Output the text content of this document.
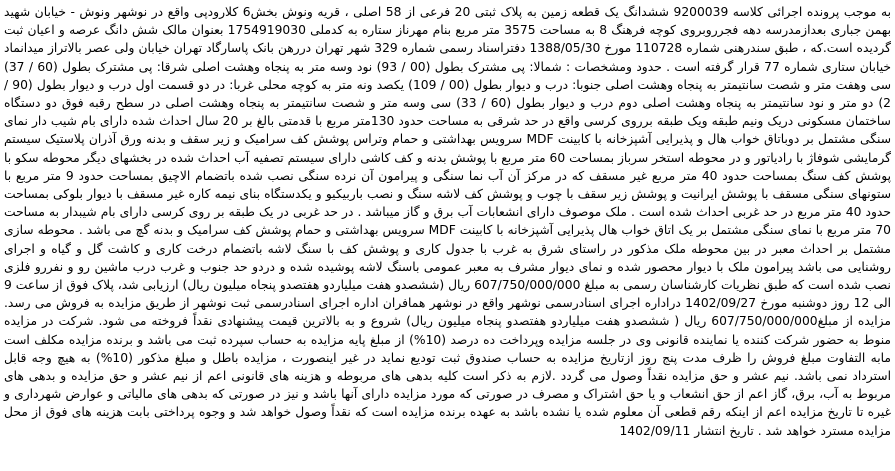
به موجب پرونده اجرائی کلاسه 9200039 ششدانگ یک قطعه زمین به پلاک ثبتی 20 فرعی از 58 اصلی ، قریه ونوش بخش6 کلارودپی واقع در نوشهر ونوش - خیابان شهید بهمن جباری بعدازمدرسه دهه فجرروبروی کوچه فرهنگ 8 به مساحت 3575 متر مربع بنام مهرناز ستاره به کدملی 1754919030 بعنوان مالک شش دانگ عرصه و اعیان ثبت گردیده است.که ، طبق سندرهنی شماره 110728 مورخ 1388/05/30 دفتراسناد رسمی شماره 329 شهر تهران دررهن بانک پاسارگاد تهران خیابان ولی عصر بالاتراز میدانماد خیابان ستاری شماره 77 قرار گرفته است . حدود ومشخصات : شمالا: پی مشترک بطول (00 / 93) نود وسه متر به پنجاه وهشت اصلی شرقا: پی مشترک بطول (60 / 37) سی وهفت متر و شصت سانتیمتر به پنجاه وهشت اصلی جنوبا: درب و دیوار بطول (00 / 109) یکصد ونه متر به کوچه محلی غربا: در دو قسمت اول درب و دیوار بطول (90 / 2) دو متر و نود سانتیمتر به پنجاه وهشت اصلی دوم درب و دیوار بطول (60 / 33) سی وسه متر و شصت سانتیمتر به پنجاه وهشت اصلی در سطح رقبه فوق دو دستگاه ساختمان مسکونی دریک ونیم طبقه ویک طبقه برروی کرسی واقع در حد شرقی به مساحت حدود 130متر مربع با قدمتی بالغ بر 20 سال احداث شده دارای بام شیب دار نمای سنگی مشتمل بر دوباتاق خواب هال و پذیرایی آشپزخانه با کابینت MDF سرویس بهداشتی و حمام وتراس پوشش کف سرامیک و زیر سقف و بدنه ورق آذران پلاستیک سیستم گرمایشی شوفاژ با رادیاتور و در محوطه استخر سرباز بمساحت 60 متر مربع با پوشش بدنه و کف کاشی دارای سیستم تصفیه آب احداث شده در بخشهای دیگر محوطه سکو با پوشش کف سنگ بمساحت حدود 40 متر مربع غیر مسقف که در مرکز آن آب نما سنگی و پیرامون آن نرده سنگی نصب شده باتضمام الاچیق بمساحت حدود 9 متر مربع با ستونهای سنگی مسقف با پوشش ایرانیت و پوشش زیر سقف با چوب و پوشش کف لاشه سنگ و نصب باربیکیو و یکدستگاه بنای نیمه کاره غیر مسقف با دیوار بلوکی بمساحت حدود 40 متر مربع در حد غربی احداث شده است . ملک موصوف دارای انشعابات آب برق و گاز میباشد . در حد غربی در یک طبقه بر روی کرسی دارای بام شیبدار به مساحت 70 متر مربع با نمای سنگی مشتمل بر یک اتاق خواب هال پذیرایی آشپزخانه با کابینت MDF سرویس بهداشتی و حمام پوشش کف سرامیک و بدنه گچ می باشد . محوطه سازی مشتمل بر احداث معبر در بین محوطه ملک مذکور در راستای شرق به غرب با جدول کاری و پوشش کف با سنگ لاشه باتضمام درخت کاری و کاشت گل و گیاه و اجرای روشنایی می باشد پیرامون ملک با دیوار محصور شده و نمای دیوار مشرف به معبر عمومی باسنگ لاشه پوشیده شده و دردو حد جنوب و غرب درب ماشین رو و نفررو فلزی نصب شده است که طبق نظریات کارشناسان رسمی به مبلغ 607/750/000/000 ریال (ششصدو هفت میلیاردو هفتصدو پنجاه میلیون ریال) ارزیابی شد، پلاک فوق از ساعت 9 الی 12 روز دوشنبه مورخ 1402/09/27 دراداره اجرای اسنادرسمی نوشهر واقع در نوشهر همافران اداره اجرای اسنادرسمی ثبت نوشهر از طریق مزایده به فروش می رسد. مزایده از مبلغ607/750/000/000 ریال ( ششصدو هفت میلیاردو هفتصدو پنجاه میلیون ریال) شروع و به بالاترین قیمت پیشنهادی نقداً فروخته می شود. شرکت در مزایده منوط به حضور شرکت کننده یا نماینده قانونی وی در جلسه مزایده وپرداخت ده درصد (10%) از مبلغ پایه مزایده به حساب سپرده ثبت می باشد و برنده مزایده مکلف است مابه التفاوت مبلغ فروش را ظرف مدت پنج روز ازتاریخ مزایده به حساب صندوق ثبت تودیع نماید در غیر اینصورت ، مزایده باطل و مبلغ مذکور (10%) به هیچ وجه قابل استرداد نمی باشد. نیم عشر و حق مزایده نقداً وصول می گردد .لازم به ذکر است کلیه بدهی های مربوطه و هزینه های قانونی اعم از نیم عشر و حق مزایده و بدهی های مربوط به آب، برق، گاز اعم از حق انشعاب و یا حق اشتراک و مصرف در صورتی که مورد مزایده دارای آنها باشد و نیز در صورتی که بدهی های مالیاتی و عوارض شهرداری و غیره تا تاریخ مزایده اعم از اینکه رقم قطعی آن معلوم شده یا نشده باشد به عهده برنده مزایده است که نقداً وصول خواهد شد و وجوه پرداختی بابت هزینه های فوق از محل مزایده مسترد خواهد شد . تاریخ انتشار 1402/09/11
